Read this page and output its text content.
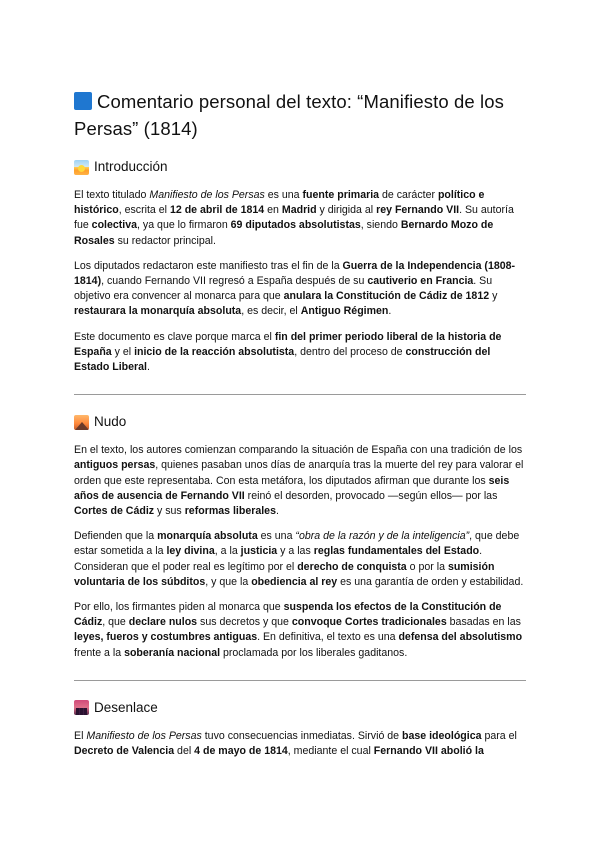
Comentario personal del texto: “Manifiesto de los Persas” (1814)
Introducción

El texto titulado Manifiesto de los Persas es una fuente primaria de carácter político e histórico, escrita el 12 de abril de 1814 en Madrid y dirigida al rey Fernando VII. Su autoría fue colectiva, ya que lo firmaron 69 diputados absolutistas, siendo Bernardo Mozo de Rosales su redactor principal.

Los diputados redactaron este manifiesto tras el fin de la Guerra de la Independencia (1808-1814), cuando Fernando VII regresó a España después de su cautiverio en Francia. Su objetivo era convencer al monarca para que anulara la Constitución de Cádiz de 1812 y restaurara la monarquía absoluta, es decir, el Antiguo Régimen.

Este documento es clave porque marca el fin del primer periodo liberal de la historia de España y el inicio de la reacción absolutista, dentro del proceso de construcción del Estado Liberal.

Nudo

En el texto, los autores comienzan comparando la situación de España con una tradición de los antiguos persas, quienes pasaban unos días de anarquía tras la muerte del rey para valorar el orden que este representaba. Con esta metáfora, los diputados afirman que durante los seis años de ausencia de Fernando VII reinó el desorden, provocado —según ellos— por las Cortes de Cádiz y sus reformas liberales.

Defienden que la monarquía absoluta es una “obra de la razón y de la inteligencia”, que debe estar sometida a la ley divina, a la justicia y a las reglas fundamentales del Estado. Consideran que el poder real es legítimo por el derecho de conquista o por la sumisión voluntaria de los súbditos, y que la obediencia al rey es una garantía de orden y estabilidad.

Por ello, los firmantes piden al monarca que suspenda los efectos de la Constitución de Cádiz, que declare nulos sus decretos y que convoque Cortes tradicionales basadas en las leyes, fueros y costumbres antiguas. En definitiva, el texto es una defensa del absolutismo frente a la soberanía nacional proclamada por los liberales gaditanos.

Desenlace

El Manifiesto de los Persas tuvo consecuencias inmediatas. Sirvió de base ideológica para el Decreto de Valencia del 4 de mayo de 1814, mediante el cual Fernando VII abolió la
